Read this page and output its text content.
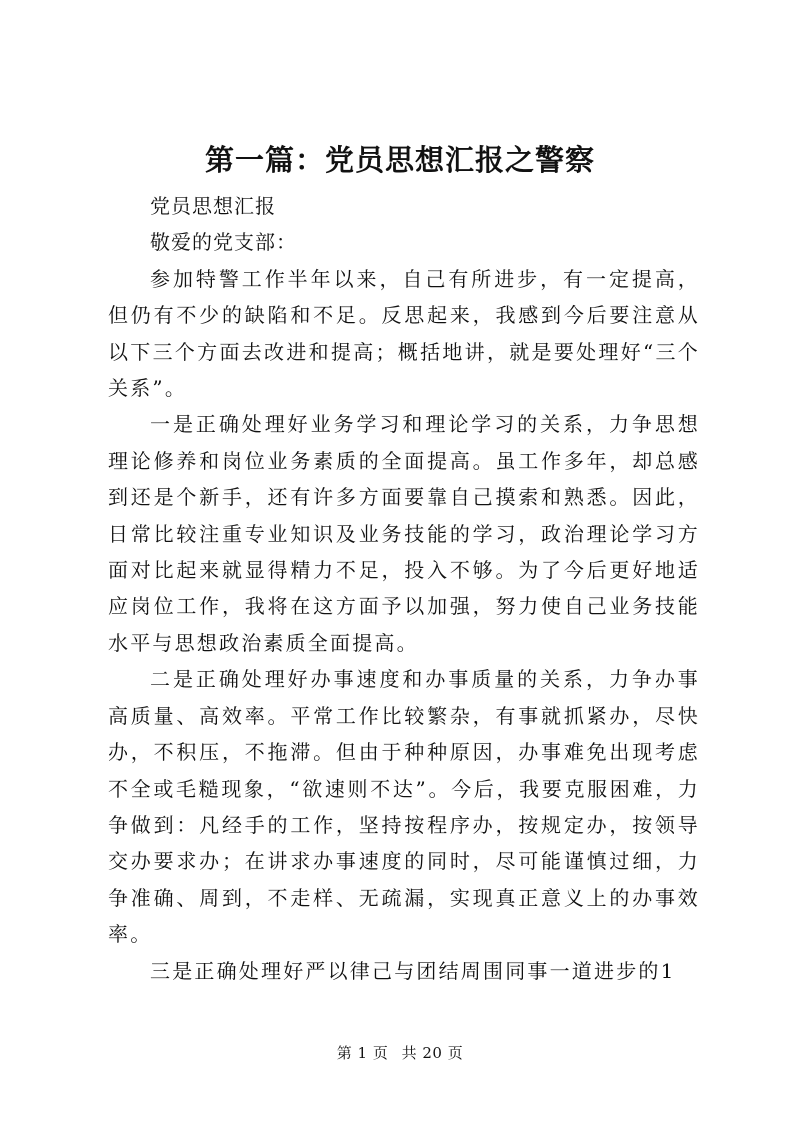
第一篇：党员思想汇报之警察

党员思想汇报

敬爱的党支部：

参加特警工作半年以来，自己有所进步，有一定提高，但仍有不少的缺陷和不足。反思起来，我感到今后要注意从以下三个方面去改进和提高；概括地讲，就是要处理好“三个关系”。

一是正确处理好业务学习和理论学习的关系，力争思想理论修养和岗位业务素质的全面提高。虽工作多年，却总感到还是个新手，还有许多方面要靠自己摸索和熟悉。因此，日常比较注重专业知识及业务技能的学习，政治理论学习方面对比起来就显得精力不足，投入不够。为了今后更好地适应岗位工作，我将在这方面予以加强，努力使自己业务技能水平与思想政治素质全面提高。

二是正确处理好办事速度和办事质量的关系，力争办事高质量、高效率。平常工作比较繁杂，有事就抓紧办，尽快办，不积压，不拖滞。但由于种种原因，办事难免出现考虑不全或毛糙现象，“欲速则不达”。今后，我要克服困难，力争做到：凡经手的工作，坚持按程序办，按规定办，按领导交办要求办；在讲求办事速度的同时，尽可能谨慎过细，力争准确、周到，不走样、无疏漏，实现真正意义上的办事效率。

三是正确处理好严以律己与团结周围同事一道进步的1

第 1 页 共 20 页
